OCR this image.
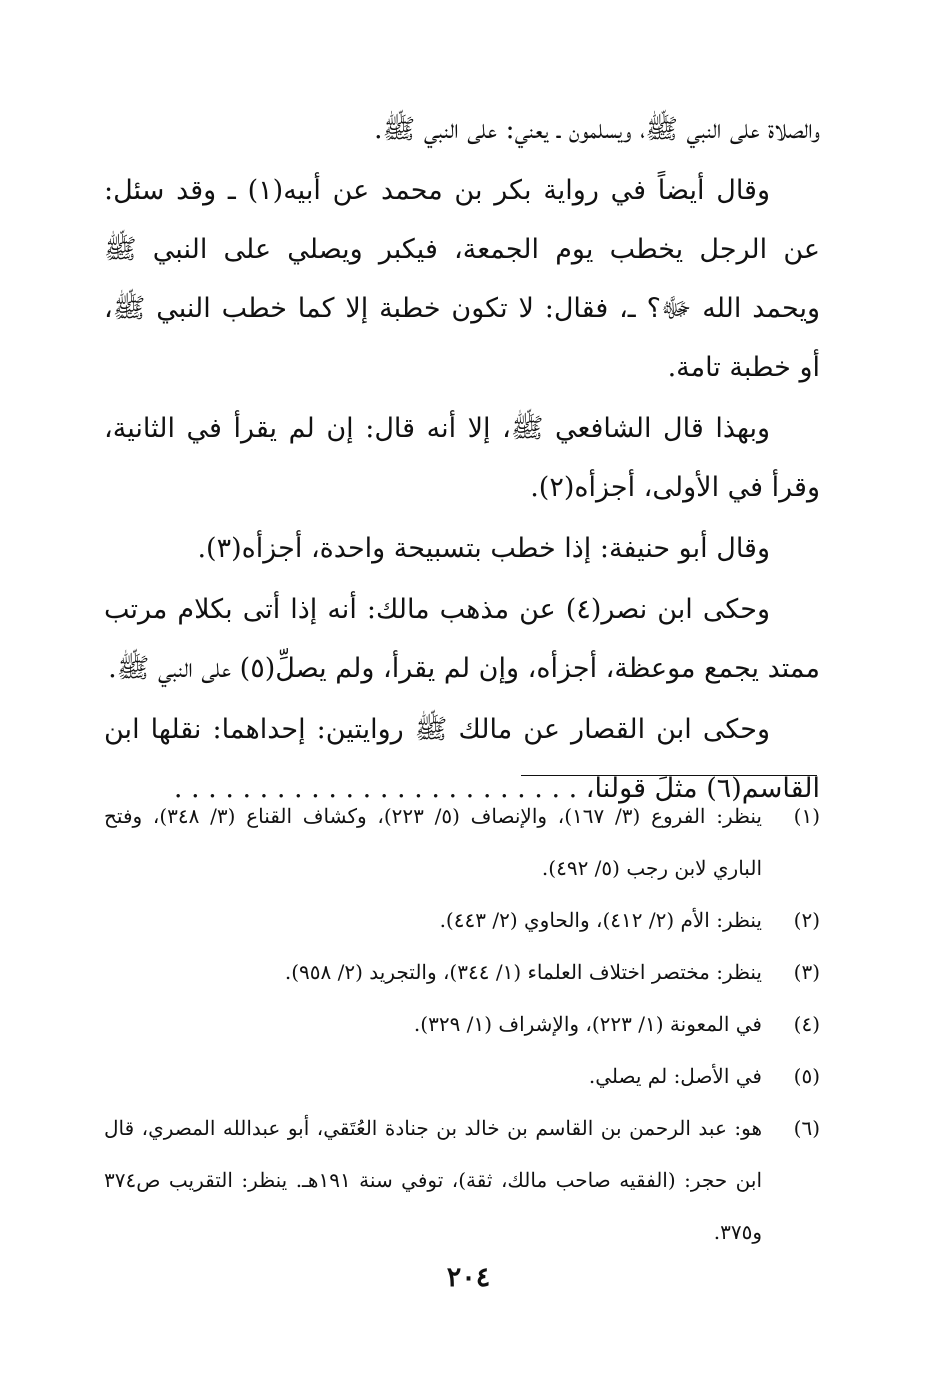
والصلاة على النبي ﷺ، ويسلمون ـ يعني: على النبي ﷺ.

وقال أيضاً في رواية بكر بن محمد عن أبيه(١) ـ وقد سئل: عن الرجل يخطب يوم الجمعة، فيكبر ويصلي على النبي ﷺ ويحمد الله ﷻ؟ ـ، فقال: لا تكون خطبة إلا كما خطب النبي ﷺ، أو خطبة تامة.

وبهذا قال الشافعي ﷺ، إلا أنه قال: إن لم يقرأ في الثانية، وقرأ في الأولى، أجزأه(٢).

وقال أبو حنيفة: إذا خطب بتسبيحة واحدة، أجزأه(٣).

وحكى ابن نصر(٤) عن مذهب مالك: أنه إذا أتى بكلام مرتب ممتد يجمع موعظة، أجزأه، وإن لم يقرأ، ولم يصلِّ(٥) على النبي ﷺ.

وحكى ابن القصار عن مالك ﷺ روايتين: إحداهما: نقلها ابن القاسم(٦) مثلَ قولنا، . . . . . . . . . . . . . . . . . . . . . . . .

(١)
ينظر: الفروع (٣/ ١٦٧)، والإنصاف (٥/ ٢٢٣)، وكشاف القناع (٣/ ٣٤٨)، وفتح الباري لابن رجب (٥/ ٤٩٢).
(٢)
ينظر: الأم (٢/ ٤١٢)، والحاوي (٢/ ٤٤٣).
(٣)
ينظر: مختصر اختلاف العلماء (١/ ٣٤٤)، والتجريد (٢/ ٩٥٨).
(٤)
في المعونة (١/ ٢٢٣)، والإشراف (١/ ٣٢٩).
(٥)
في الأصل: لم يصلي.
(٦)
هو: عبد الرحمن بن القاسم بن خالد بن جنادة العُتَقي، أبو عبدالله المصري، قال ابن حجر: (الفقيه صاحب مالك، ثقة)، توفي سنة ١٩١هـ. ينظر: التقريب ص٣٧٤ و٣٧٥.
٢٠٤
